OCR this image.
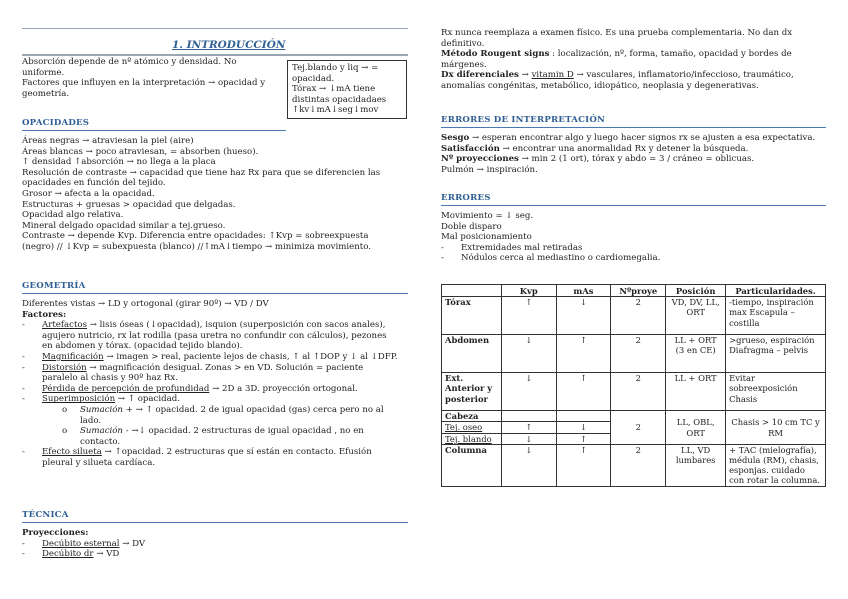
1. INTRODUCCIÓN
Absorción depende de nº atómico y densidad. No
uniforme.
Factores que influyen en la interpretación → opacidad y
geometría.
Tej.blando y liq → =
opacidad.
Tórax → ↓mA tiene
distintas opacidadaes
↑kv↓mA↓seg↓mov
OPACIDADES
Áreas negras → atraviesan la piel (aire)
Áreas blancas → poco atraviesan, = absorben (hueso).
↑ densidad ↑absorción → no llega a la placa
Resolución de contraste → capacidad que tiene haz Rx para que se diferencien las
opacidades en función del tejido.
Grosor → afecta a la opacidad.
Estructuras + gruesas > opacidad que delgadas.
Opacidad algo relativa.
Mineral delgado opacidad similar a tej.grueso.
Contraste → depende Kvp. Diferencia entre opacidades: ↑Kvp = sobreexpuesta
(negro) // ↓Kvp = subexpuesta (blanco) //↑mA↓tiempo → minimiza movimiento.
GEOMETRÍA
Diferentes vistas → LD y ortogonal (girar 90º) → VD / DV
Factores:
- Artefactos → lisis óseas (↓opacidad), isquion (superposición con sacos anales),
agujero nutricio, rx lat rodilla (pasa uretra no confundir con cálculos), pezones
en abdomen y tórax. (opacidad tejido blando).
- Magnificación → imagen > real, paciente lejos de chasis, ↑ al ↑DOP y ↓ al ↓DFP.
- Distorsión → magnificación desigual. Zonas > en VD. Solución = paciente
paralelo al chasis y 90º haz Rx.
- Pérdida de percepción de profundidad → 2D a 3D. proyección ortogonal.
- Superimposición → ↑ opacidad.
o Sumación + → ↑ opacidad. 2 de igual opacidad (gas) cerca pero no al
lado.
o Sumación - →↓ opacidad. 2 estructuras de igual opacidad , no en
contacto.
- Efecto silueta → ↑opacidad. 2 estructuras que sí están en contacto. Efusión
pleural y silueta cardíaca.
TÉCNICA
Proyecciones:
- Decúbito esternal → DV
- Decúbito dr → VD
Rx nunca reemplaza a examen físico. Es una prueba complementaria. No dan dx
definitivo.
Método Rougent signs : localización, nº, forma, tamaño, opacidad y bordes de
márgenes.
Dx diferenciales → vitamin D → vasculares, inflamatorio/infeccioso, traumático,
anomalías congénitas, metabólico, idiopático, neoplasia y degenerativas.
ERRORES DE INTERPRETACIÓN
Sesgo → esperan encontrar algo y luego hacer signos rx se ajusten a esa expectativa.
Satisfacción → encontrar una anormalidad Rx y detener la búsqueda.
Nº proyecciones → min 2 (1 ort), tórax y abdo = 3 / cráneo = oblicuas.
Pulmón → inspiración.
ERRORES
Movimiento = ↓ seg.
Doble disparo
Mal posicionamiento
- Extremidades mal retiradas
- Nódulos cerca al mediastino o cardiomegalia.
	Kvp	mAs	Nºproye	Posición	Particularidades.
Tórax	↑	↓	2	VD, DV, LL, ORT	-tiempo, inspiración max Escapula – costilla
Abdomen	↓	↑	2	LL + ORT (3 en CE)	>grueso, espiración Diafragma – pelvis
Ext. Anterior y posterior	↓	↑	2	LL + ORT	Evitar sobreexposición Chasis
Cabeza			2	LL, OBL, ORT	Chasis > 10 cm TC y RM
Tej. oseo	↑	↓			
Tej. blando	↓	↑			
Columna	↓	↑	2	LL, VD lumbares	+ TAC (mielografía), médula (RM), chasis, esponjas. cuidado con rotar la columna.
